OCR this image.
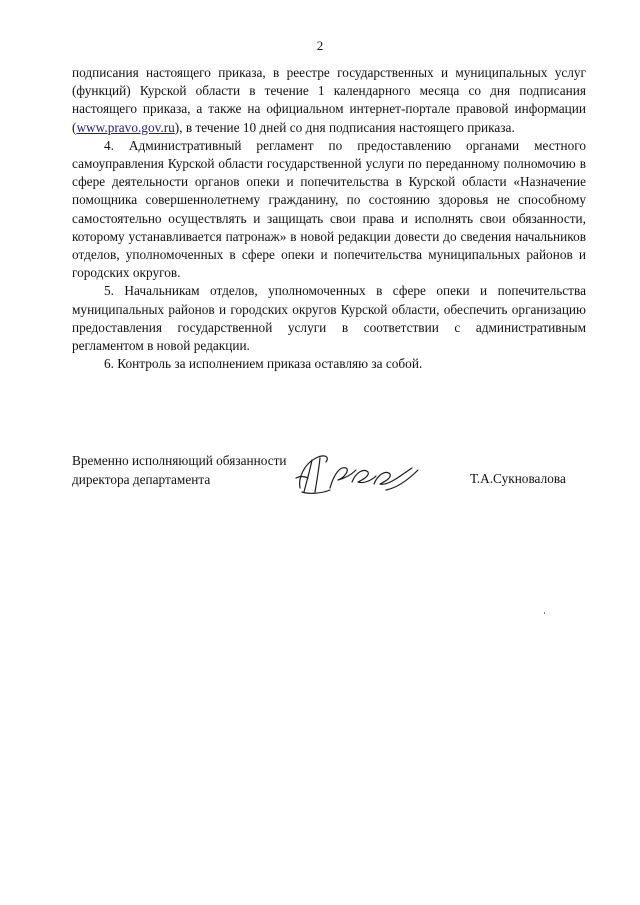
2

подписания настоящего приказа, в реестре государственных и муниципальных услуг (функций) Курской области в течение 1 календарного месяца со дня подписания настоящего приказа, а также на официальном интернет-портале правовой информации (www.pravo.gov.ru), в течение 10 дней со дня подписания настоящего приказа.

4. Административный регламент по предоставлению органами местного самоуправления Курской области государственной услуги по переданному полномочию в сфере деятельности органов опеки и попечительства в Курской области «Назначение помощника совершеннолетнему гражданину, по состоянию здоровья не способному самостоятельно осуществлять и защищать свои права и исполнять свои обязанности, которому устанавливается патронаж» в новой редакции довести до сведения начальников отделов, уполномоченных в сфере опеки и попечительства муниципальных районов и городских округов.

5. Начальникам отделов, уполномоченных в сфере опеки и попечительства муниципальных районов и городских округов Курской области, обеспечить организацию предоставления государственной услуги в соответствии с административным регламентом в новой редакции.

6. Контроль за исполнением приказа оставляю за собой.

Временно исполняющий обязанности
директора департамента	Т.А.Сукновалова
